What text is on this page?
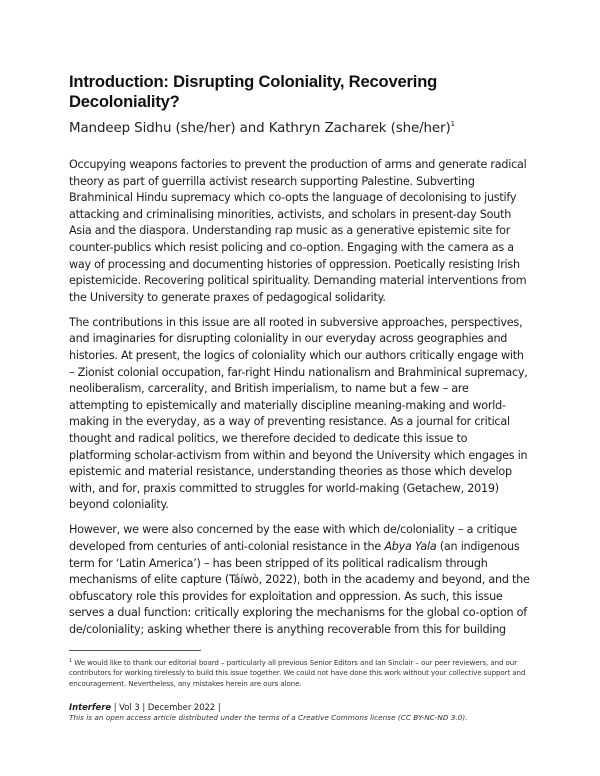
Introduction: Disrupting Coloniality, Recovering Decoloniality?

Mandeep Sidhu (she/her) and Kathryn Zacharek $(she/her)^1$

Occupying weapons factories to prevent the production of arms and generate radical theory as part of guerrilla activist research supporting Palestine. Subverting Brahminical Hindu supremacy which co-opts the language of decolonising to justify attacking and criminalising minorities, activists, and scholars in present-day South Asia and the diaspora. Understanding rap music as a generative epistemic site for counter-publics which resist policing and co-option. Engaging with the camera as a way of processing and documenting histories of oppression. Poetically resisting Irish epistemicide. Recovering political spirituality. Demanding material interventions from the University to generate praxes of pedagogical solidarity.

The contributions in this issue are all rooted in subversive approaches, perspectives, and imaginaries for disrupting coloniality in our everyday across geographies and histories. At present, the logics of coloniality which our authors critically engage with – Zionist colonial occupation, far-right Hindu nationalism and Brahminical supremacy, neoliberalism, carcerality, and British imperialism, to name but a few – are attempting to epistemically and materially discipline meaning-making and world-making in the everyday, as a way of preventing resistance. As a journal for critical thought and radical politics, we therefore decided to dedicate this issue to platforming scholar-activism from within and beyond the University which engages in epistemic and material resistance, understanding theories as those which develop with, and for, praxis committed to struggles for world-making (Getachew, 2019) beyond coloniality.

However, we were also concerned by the ease with which de/coloniality – a critique developed from centuries of anti-colonial resistance in the Abya Yala (an indigenous term for ‘Latin America’) – has been stripped of its political radicalism through mechanisms of elite capture (Táíwò, 2022), both in the academy and beyond, and the obfuscatory role this provides for exploitation and oppression. As such, this issue serves a dual function: critically exploring the mechanisms for the global co-option of de/coloniality; asking whether there is anything recoverable from this for building

$^1$ We would like to thank our editorial board – particularly all previous Senior Editors and Ian Sinclair – our peer reviewers, and our contributors for working tirelessly to build this issue together. We could not have done this work without your collective support and encouragement. Nevertheless, any mistakes herein are ours alone.

Interfere | Vol 3 | December 2022 |
This is an open access article distributed under the terms of a Creative Commons license (CC BY-NC-ND 3.0).
